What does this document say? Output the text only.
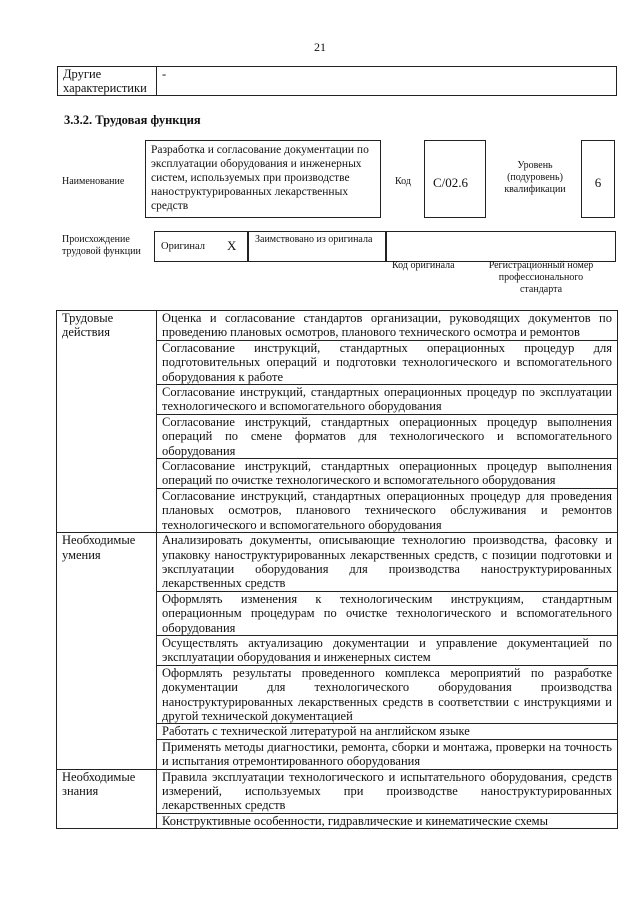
21
Другие характеристики	-
3.3.2. Трудовая функция
Наименование
Разработка и согласование документации по эксплуатации оборудования и инженерных систем, используемых при производстве наноструктурированных лекарственных средств
Код	С/02.6
Уровень (подуровень) квалификации	6
Происхождение трудовой функции	Оригинал X	Заимствовано из оригинала
Код оригинала	Регистрационный номер профессионального стандарта
Трудовые действия	Оценка и согласование стандартов организации, руководящих документов по проведению плановых осмотров, планового технического осмотра и ремонтов
	Согласование инструкций, стандартных операционных процедур для подготовительных операций и подготовки технологического и вспомогательного оборудования к работе
	Согласование инструкций, стандартных операционных процедур по эксплуатации технологического и вспомогательного оборудования
	Согласование инструкций, стандартных операционных процедур выполнения операций по смене форматов для технологического и вспомогательного оборудования
	Согласование инструкций, стандартных операционных процедур выполнения операций по очистке технологического и вспомогательного оборудования
	Согласование инструкций, стандартных операционных процедур для проведения плановых осмотров, планового технического обслуживания и ремонтов технологического и вспомогательного оборудования
Необходимые умения	Анализировать документы, описывающие технологию производства, фасовку и упаковку наноструктурированных лекарственных средств, с позиции подготовки и эксплуатации оборудования для производства наноструктурированных лекарственных средств
	Оформлять изменения к технологическим инструкциям, стандартным операционным процедурам по очистке технологического и вспомогательного оборудования
	Осуществлять актуализацию документации и управление документацией по эксплуатации оборудования и инженерных систем
	Оформлять результаты проведенного комплекса мероприятий по разработке документации для технологического оборудования производства наноструктурированных лекарственных средств в соответствии с инструкциями и другой технической документацией
	Работать с технической литературой на английском языке
	Применять методы диагностики, ремонта, сборки и монтажа, проверки на точность и испытания отремонтированного оборудования
Необходимые знания	Правила эксплуатации технологического и испытательного оборудования, средств измерений, используемых при производстве наноструктурированных лекарственных средств
	Конструктивные особенности, гидравлические и кинематические схемы
